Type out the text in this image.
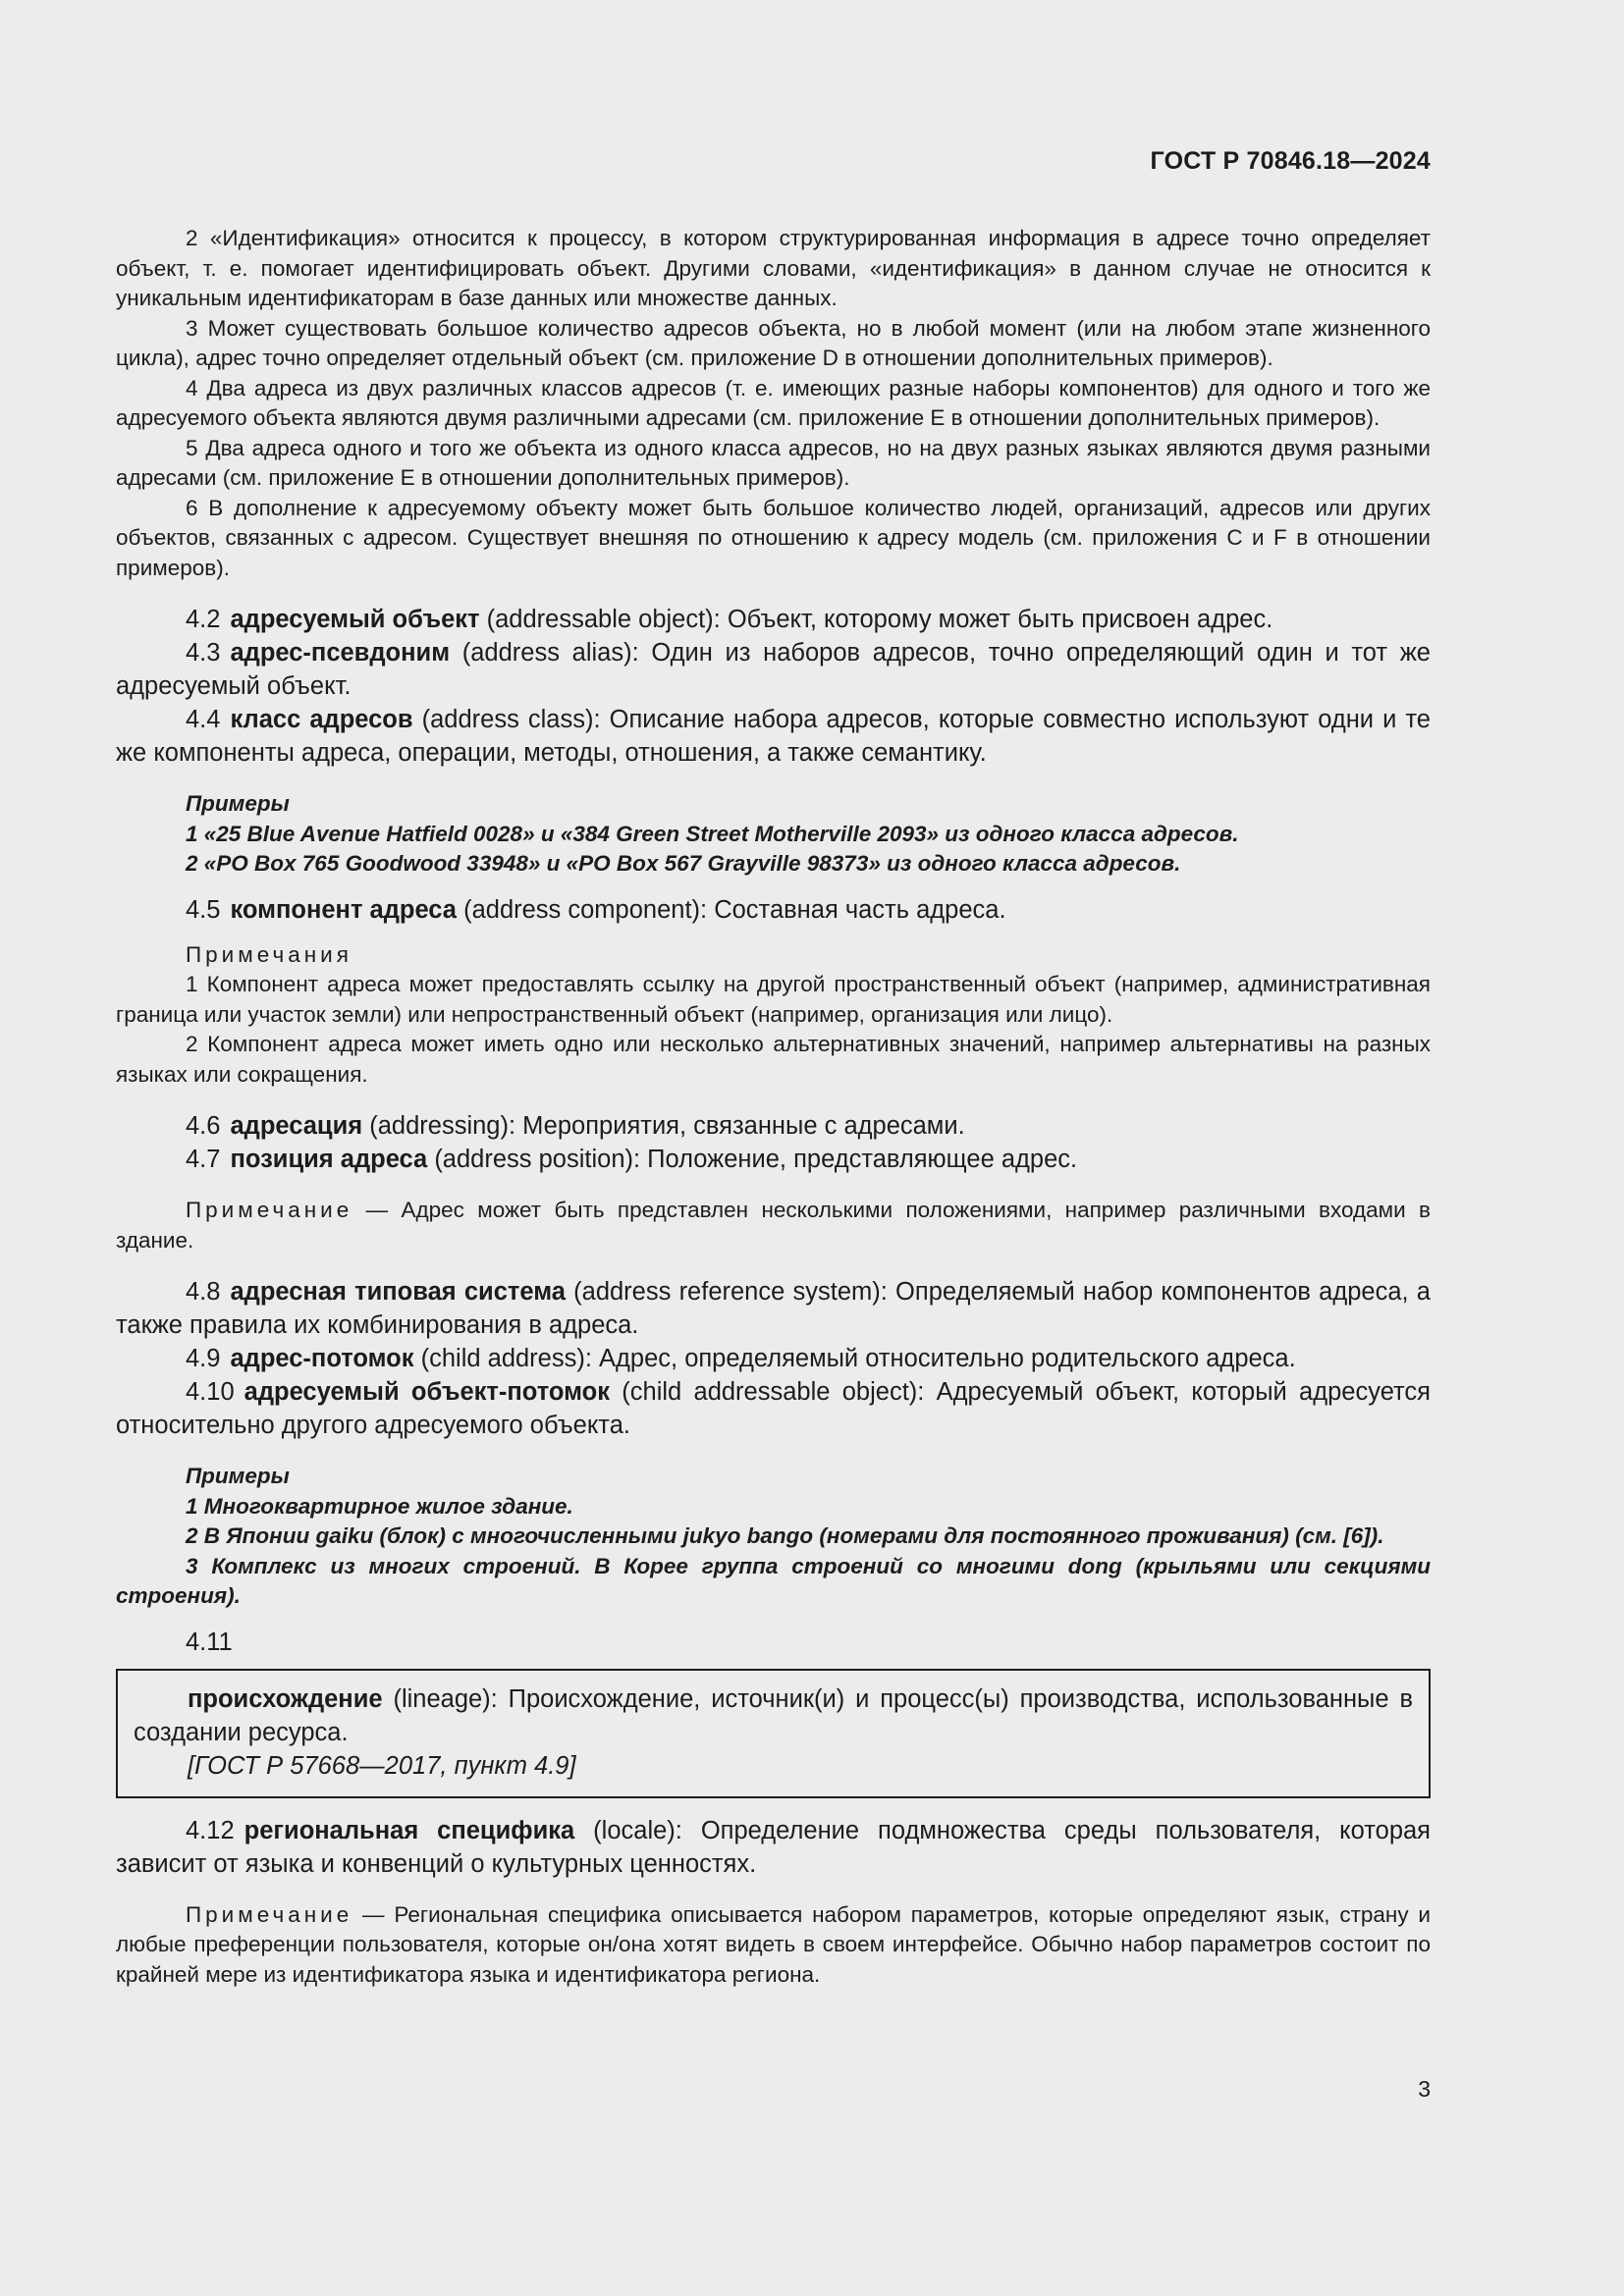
ГОСТ Р 70846.18—2024

2 «Идентификация» относится к процессу, в котором структурированная информация в адресе точно определяет объект, т. е. помогает идентифицировать объект. Другими словами, «идентификация» в данном случае не относится к уникальным идентификаторам в базе данных или множестве данных.

3 Может существовать большое количество адресов объекта, но в любой момент (или на любом этапе жизненного цикла), адрес точно определяет отдельный объект (см. приложение D в отношении дополнительных примеров).

4 Два адреса из двух различных классов адресов (т. е. имеющих разные наборы компонентов) для одного и того же адресуемого объекта являются двумя различными адресами (см. приложение E в отношении дополнительных примеров).

5 Два адреса одного и того же объекта из одного класса адресов, но на двух разных языках являются двумя разными адресами (см. приложение E в отношении дополнительных примеров).

6 В дополнение к адресуемому объекту может быть большое количество людей, организаций, адресов или других объектов, связанных с адресом. Существует внешняя по отношению к адресу модель (см. приложения C и F в отношении примеров).

4.2 адресуемый объект (addressable object): Объект, которому может быть присвоен адрес.

4.3 адрес-псевдоним (address alias): Один из наборов адресов, точно определяющий один и тот же адресуемый объект.

4.4 класс адресов (address class): Описание набора адресов, которые совместно используют одни и те же компоненты адреса, операции, методы, отношения, а также семантику.

Примеры

1 «25 Blue Avenue Hatfield 0028» и «384 Green Street Motherville 2093» из одного класса адресов.

2 «PO Box 765 Goodwood 33948» и «PO Box 567 Grayville 98373» из одного класса адресов.

4.5 компонент адреса (address component): Составная часть адреса.

Примечания

1 Компонент адреса может предоставлять ссылку на другой пространственный объект (например, административная граница или участок земли) или непространственный объект (например, организация или лицо).

2 Компонент адреса может иметь одно или несколько альтернативных значений, например альтернативы на разных языках или сокращения.

4.6 адресация (addressing): Мероприятия, связанные с адресами.

4.7 позиция адреса (address position): Положение, представляющее адрес.

Примечание — Адрес может быть представлен несколькими положениями, например различными входами в здание.

4.8 адресная типовая система (address reference system): Определяемый набор компонентов адреса, а также правила их комбинирования в адреса.

4.9 адрес-потомок (child address): Адрес, определяемый относительно родительского адреса.

4.10 адресуемый объект-потомок (child addressable object): Адресуемый объект, который адресуется относительно другого адресуемого объекта.

Примеры

1 Многоквартирное жилое здание.

2 В Японии gaiku (блок) с многочисленными jukyo bango (номерами для постоянного проживания) (см. [6]).

3 Комплекс из многих строений. В Корее группа строений со многими dong (крыльями или секциями строения).

4.11

происхождение (lineage): Происхождение, источник(и) и процесс(ы) производства, использованные в создании ресурса.

[ГОСТ Р 57668—2017, пункт 4.9]

4.12 региональная специфика (locale): Определение подмножества среды пользователя, которая зависит от языка и конвенций о культурных ценностях.

Примечание — Региональная специфика описывается набором параметров, которые определяют язык, страну и любые преференции пользователя, которые он/она хотят видеть в своем интерфейсе. Обычно набор параметров состоит по крайней мере из идентификатора языка и идентификатора региона.

3
